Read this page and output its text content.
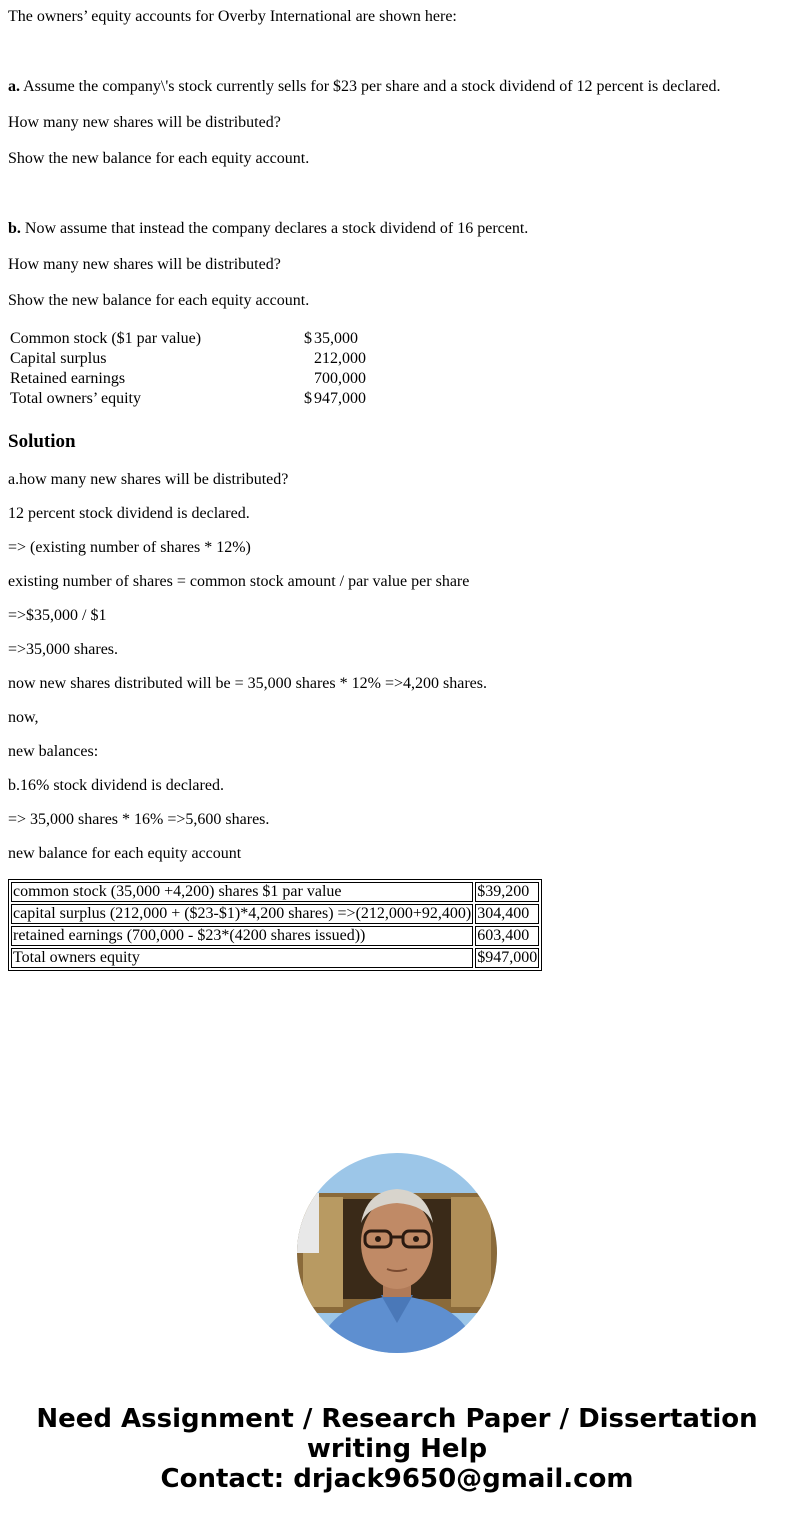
The owners’ equity accounts for Overby International are shown here:
a. Assume the company\'s stock currently sells for $23 per share and a stock dividend of 12 percent is declared.
How many new shares will be distributed?
Show the new balance for each equity account.
b. Now assume that instead the company declares a stock dividend of 16 percent.
How many new shares will be distributed?
Show the new balance for each equity account.
Common stock ($1 par value)	$ 35,000
Capital surplus	212,000
Retained earnings	700,000
Total owners’ equity	$ 947,000
Solution
a.how many new shares will be distributed?
12 percent stock dividend is declared.
=> (existing number of shares * 12%)
existing number of shares = common stock amount / par value per share
=>$35,000 / $1
=>35,000 shares.
now new shares distributed will be = 35,000 shares * 12% =>4,200 shares.
now,
new balances:
b.16% stock dividend is declared.
=> 35,000 shares * 16% =>5,600 shares.
new balance for each equity account
common stock (35,000 +4,200) shares $1 par value	$39,200
capital surplus (212,000 + ($23-$1)*4,200 shares) =>(212,000+92,400)	304,400
retained earnings (700,000 - $23*(4200 shares issued))	603,400
Total owners equity	$947,000
Need Assignment / Research Paper / Dissertation
writing Help
Contact: drjack9650@gmail.com
